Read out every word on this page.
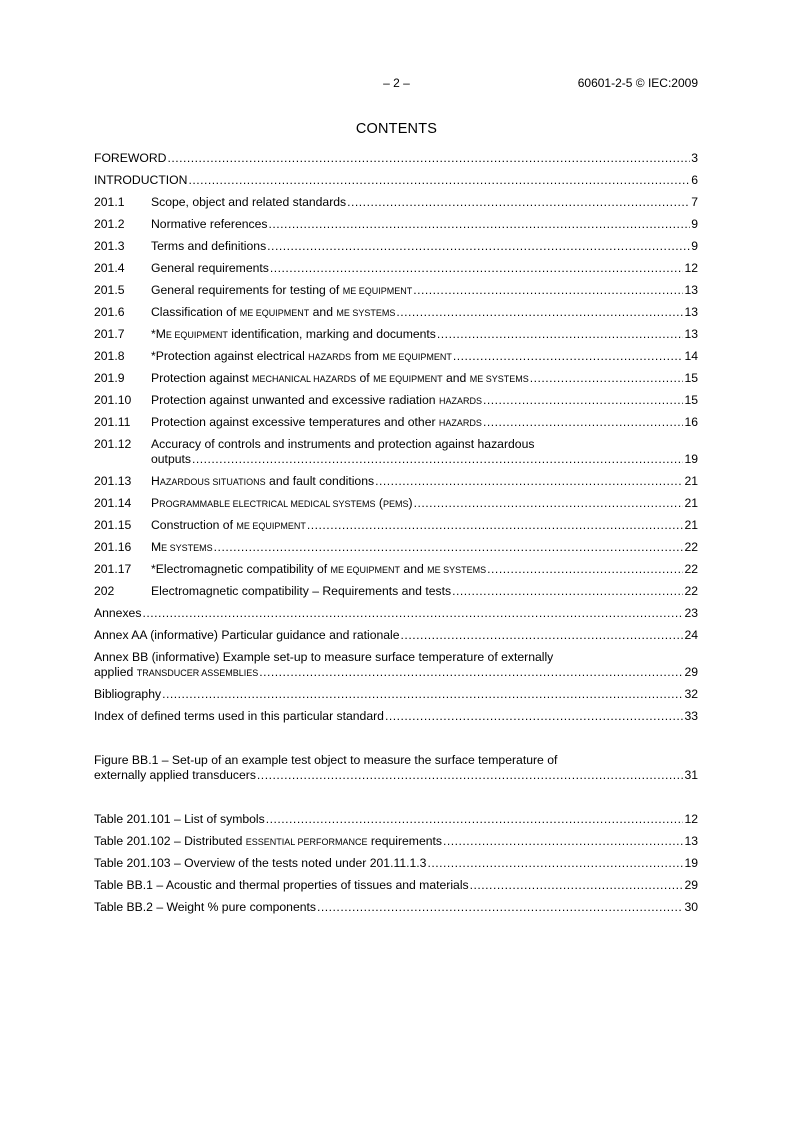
– 2 –	60601-2-5 © IEC:2009
CONTENTS
FOREWORD .....	3
INTRODUCTION .....	6
201.1	Scope, object and related standards .....	7
201.2	Normative references .....	9
201.3	Terms and definitions .....	9
201.4	General requirements .....	12
201.5	General requirements for testing of ME EQUIPMENT .....	13
201.6	Classification of ME EQUIPMENT and ME SYSTEMS .....	13
201.7	*ME EQUIPMENT identification, marking and documents .....	13
201.8	*Protection against electrical HAZARDS from ME EQUIPMENT .....	14
201.9	Protection against MECHANICAL HAZARDS of ME EQUIPMENT and ME SYSTEMS .....	15
201.10	Protection against unwanted and excessive radiation HAZARDS .....	15
201.11	Protection against excessive temperatures and other HAZARDS .....	16
201.12	Accuracy of controls and instruments and protection against hazardous
outputs .....	19
201.13	HAZARDOUS SITUATIONS and fault conditions .....	21
201.14	PROGRAMMABLE ELECTRICAL MEDICAL SYSTEMS (PEMS) .....	21
201.15	Construction of ME EQUIPMENT .....	21
201.16	ME SYSTEMS .....	22
201.17	*Electromagnetic compatibility of ME EQUIPMENT and ME SYSTEMS .....	22
202	Electromagnetic compatibility – Requirements and tests .....	22
Annexes .....	23
Annex AA (informative) Particular guidance and rationale .....	24
Annex BB (informative) Example set-up to measure surface temperature of externally
applied TRANSDUCER ASSEMBLIES .....	29
Bibliography .....	32
Index of defined terms used in this particular standard .....	33
Figure BB.1 – Set-up of an example test object to measure the surface temperature of
externally applied transducers .....	31
Table 201.101 – List of symbols .....	12
Table 201.102 – Distributed ESSENTIAL PERFORMANCE requirements .....	13
Table 201.103 – Overview of the tests noted under 201.11.1.3 .....	19
Table BB.1 – Acoustic and thermal properties of tissues and materials .....	29
Table BB.2 – Weight % pure components .....	30
